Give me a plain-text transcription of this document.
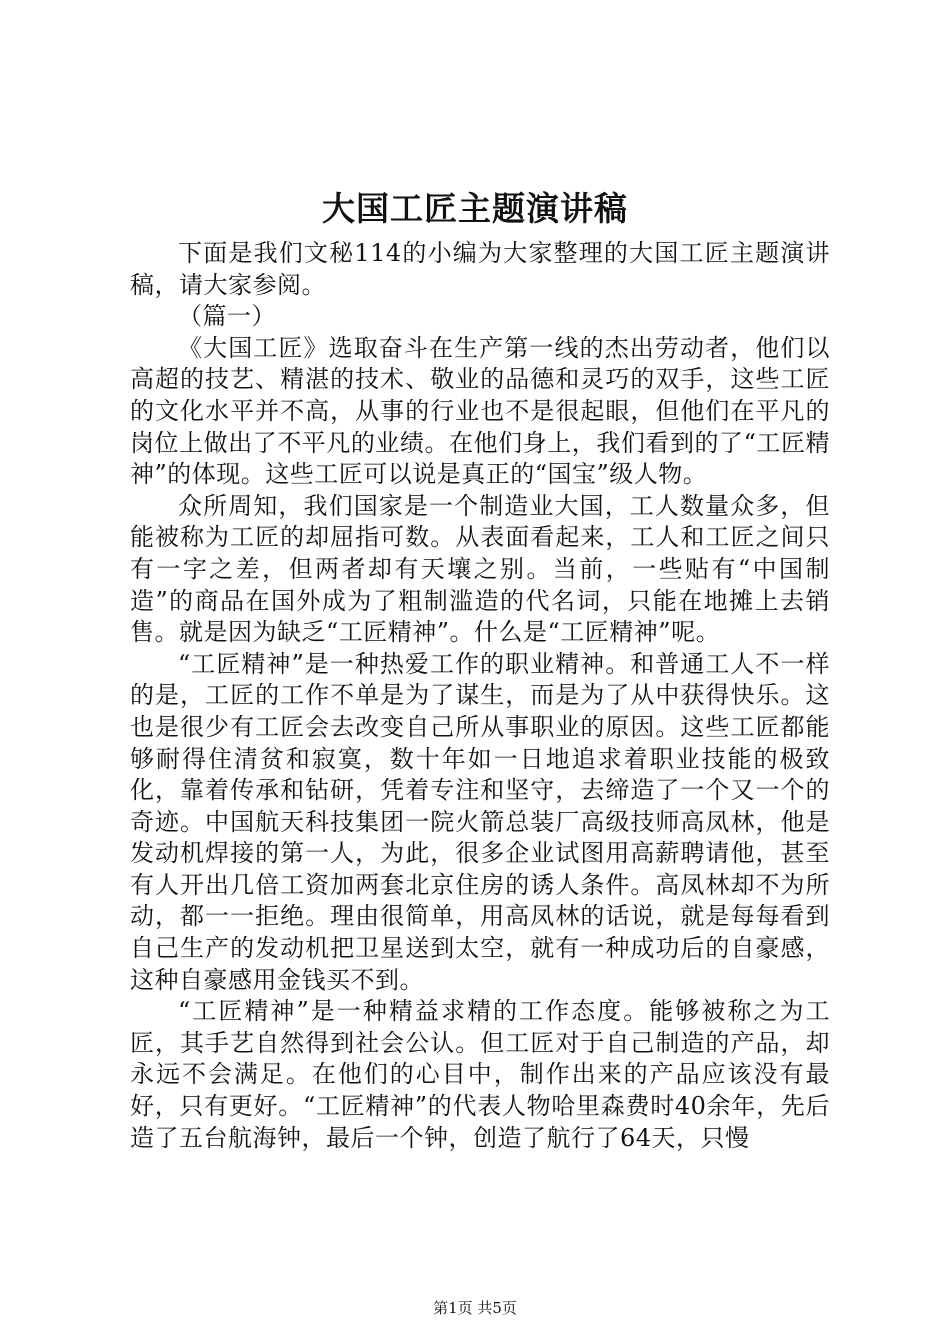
大国工匠主题演讲稿

下面是我们文秘114的小编为大家整理的大国工匠主题演讲稿，请大家参阅。

（篇一）

《大国工匠》选取奋斗在生产第一线的杰出劳动者，他们以高超的技艺、精湛的技术、敬业的品德和灵巧的双手，这些工匠的文化水平并不高，从事的行业也不是很起眼，但他们在平凡的岗位上做出了不平凡的业绩。在他们身上，我们看到的了“工匠精神”的体现。这些工匠可以说是真正的“国宝”级人物。

众所周知，我们国家是一个制造业大国，工人数量众多，但能被称为工匠的却屈指可数。从表面看起来，工人和工匠之间只有一字之差，但两者却有天壤之别。当前，一些贴有“中国制造”的商品在国外成为了粗制滥造的代名词，只能在地摊上去销售。就是因为缺乏“工匠精神”。什么是“工匠精神”呢。

“工匠精神”是一种热爱工作的职业精神。和普通工人不一样的是，工匠的工作不单是为了谋生，而是为了从中获得快乐。这也是很少有工匠会去改变自己所从事职业的原因。这些工匠都能够耐得住清贫和寂寞，数十年如一日地追求着职业技能的极致化，靠着传承和钻研，凭着专注和坚守，去缔造了一个又一个的奇迹。中国航天科技集团一院火箭总装厂高级技师高凤林，他是发动机焊接的第一人，为此，很多企业试图用高薪聘请他，甚至有人开出几倍工资加两套北京住房的诱人条件。高凤林却不为所动，都一一拒绝。理由很简单，用高凤林的话说，就是每每看到自己生产的发动机把卫星送到太空，就有一种成功后的自豪感，这种自豪感用金钱买不到。

“工匠精神”是一种精益求精的工作态度。能够被称之为工匠，其手艺自然得到社会公认。但工匠对于自己制造的产品，却永远不会满足。在他们的心目中，制作出来的产品应该没有最好，只有更好。“工匠精神”的代表人物哈里森费时40余年，先后造了五台航海钟，最后一个钟，创造了航行了64天，只慢

第1页 共5页
